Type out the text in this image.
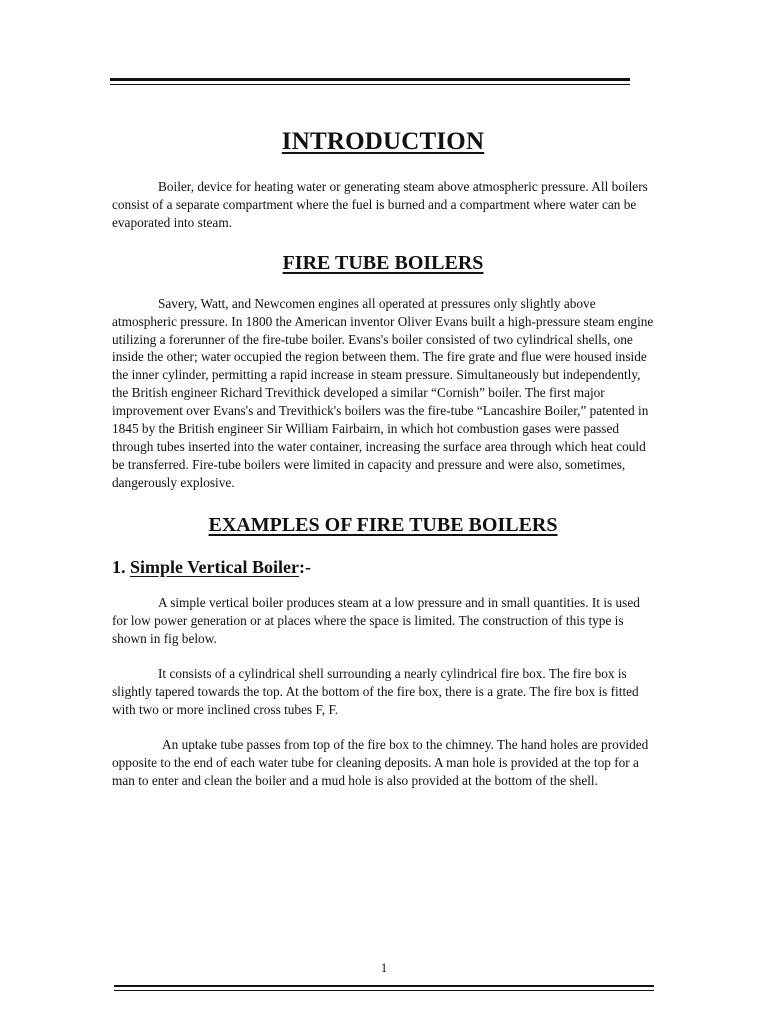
INTRODUCTION

Boiler, device for heating water or generating steam above atmospheric pressure. All boilers consist of a separate compartment where the fuel is burned and a compartment where water can be evaporated into steam.

FIRE TUBE BOILERS

Savery, Watt, and Newcomen engines all operated at pressures only slightly above atmospheric pressure. In 1800 the American inventor Oliver Evans built a high-pressure steam engine utilizing a forerunner of the fire-tube boiler. Evans's boiler consisted of two cylindrical shells, one inside the other; water occupied the region between them. The fire grate and flue were housed inside the inner cylinder, permitting a rapid increase in steam pressure. Simultaneously but independently, the British engineer Richard Trevithick developed a similar “Cornish” boiler. The first major improvement over Evans's and Trevithick's boilers was the fire-tube “Lancashire Boiler,” patented in 1845 by the British engineer Sir William Fairbairn, in which hot combustion gases were passed through tubes inserted into the water container, increasing the surface area through which heat could be transferred. Fire-tube boilers were limited in capacity and pressure and were also, sometimes, dangerously explosive.

EXAMPLES OF FIRE TUBE BOILERS
1. Simple Vertical Boiler:-

A simple vertical boiler produces steam at a low pressure and in small quantities. It is used for low power generation or at places where the space is limited. The construction of this type is shown in fig below.

It consists of a cylindrical shell surrounding a nearly cylindrical fire box. The fire box is slightly tapered towards the top. At the bottom of the fire box, there is a grate. The fire box is fitted with two or more inclined cross tubes F, F.

An uptake tube passes from top of the fire box to the chimney. The hand holes are provided opposite to the end of each water tube for cleaning deposits. A man hole is provided at the top for a man to enter and clean the boiler and a mud hole is also provided at the bottom of the shell.

1
